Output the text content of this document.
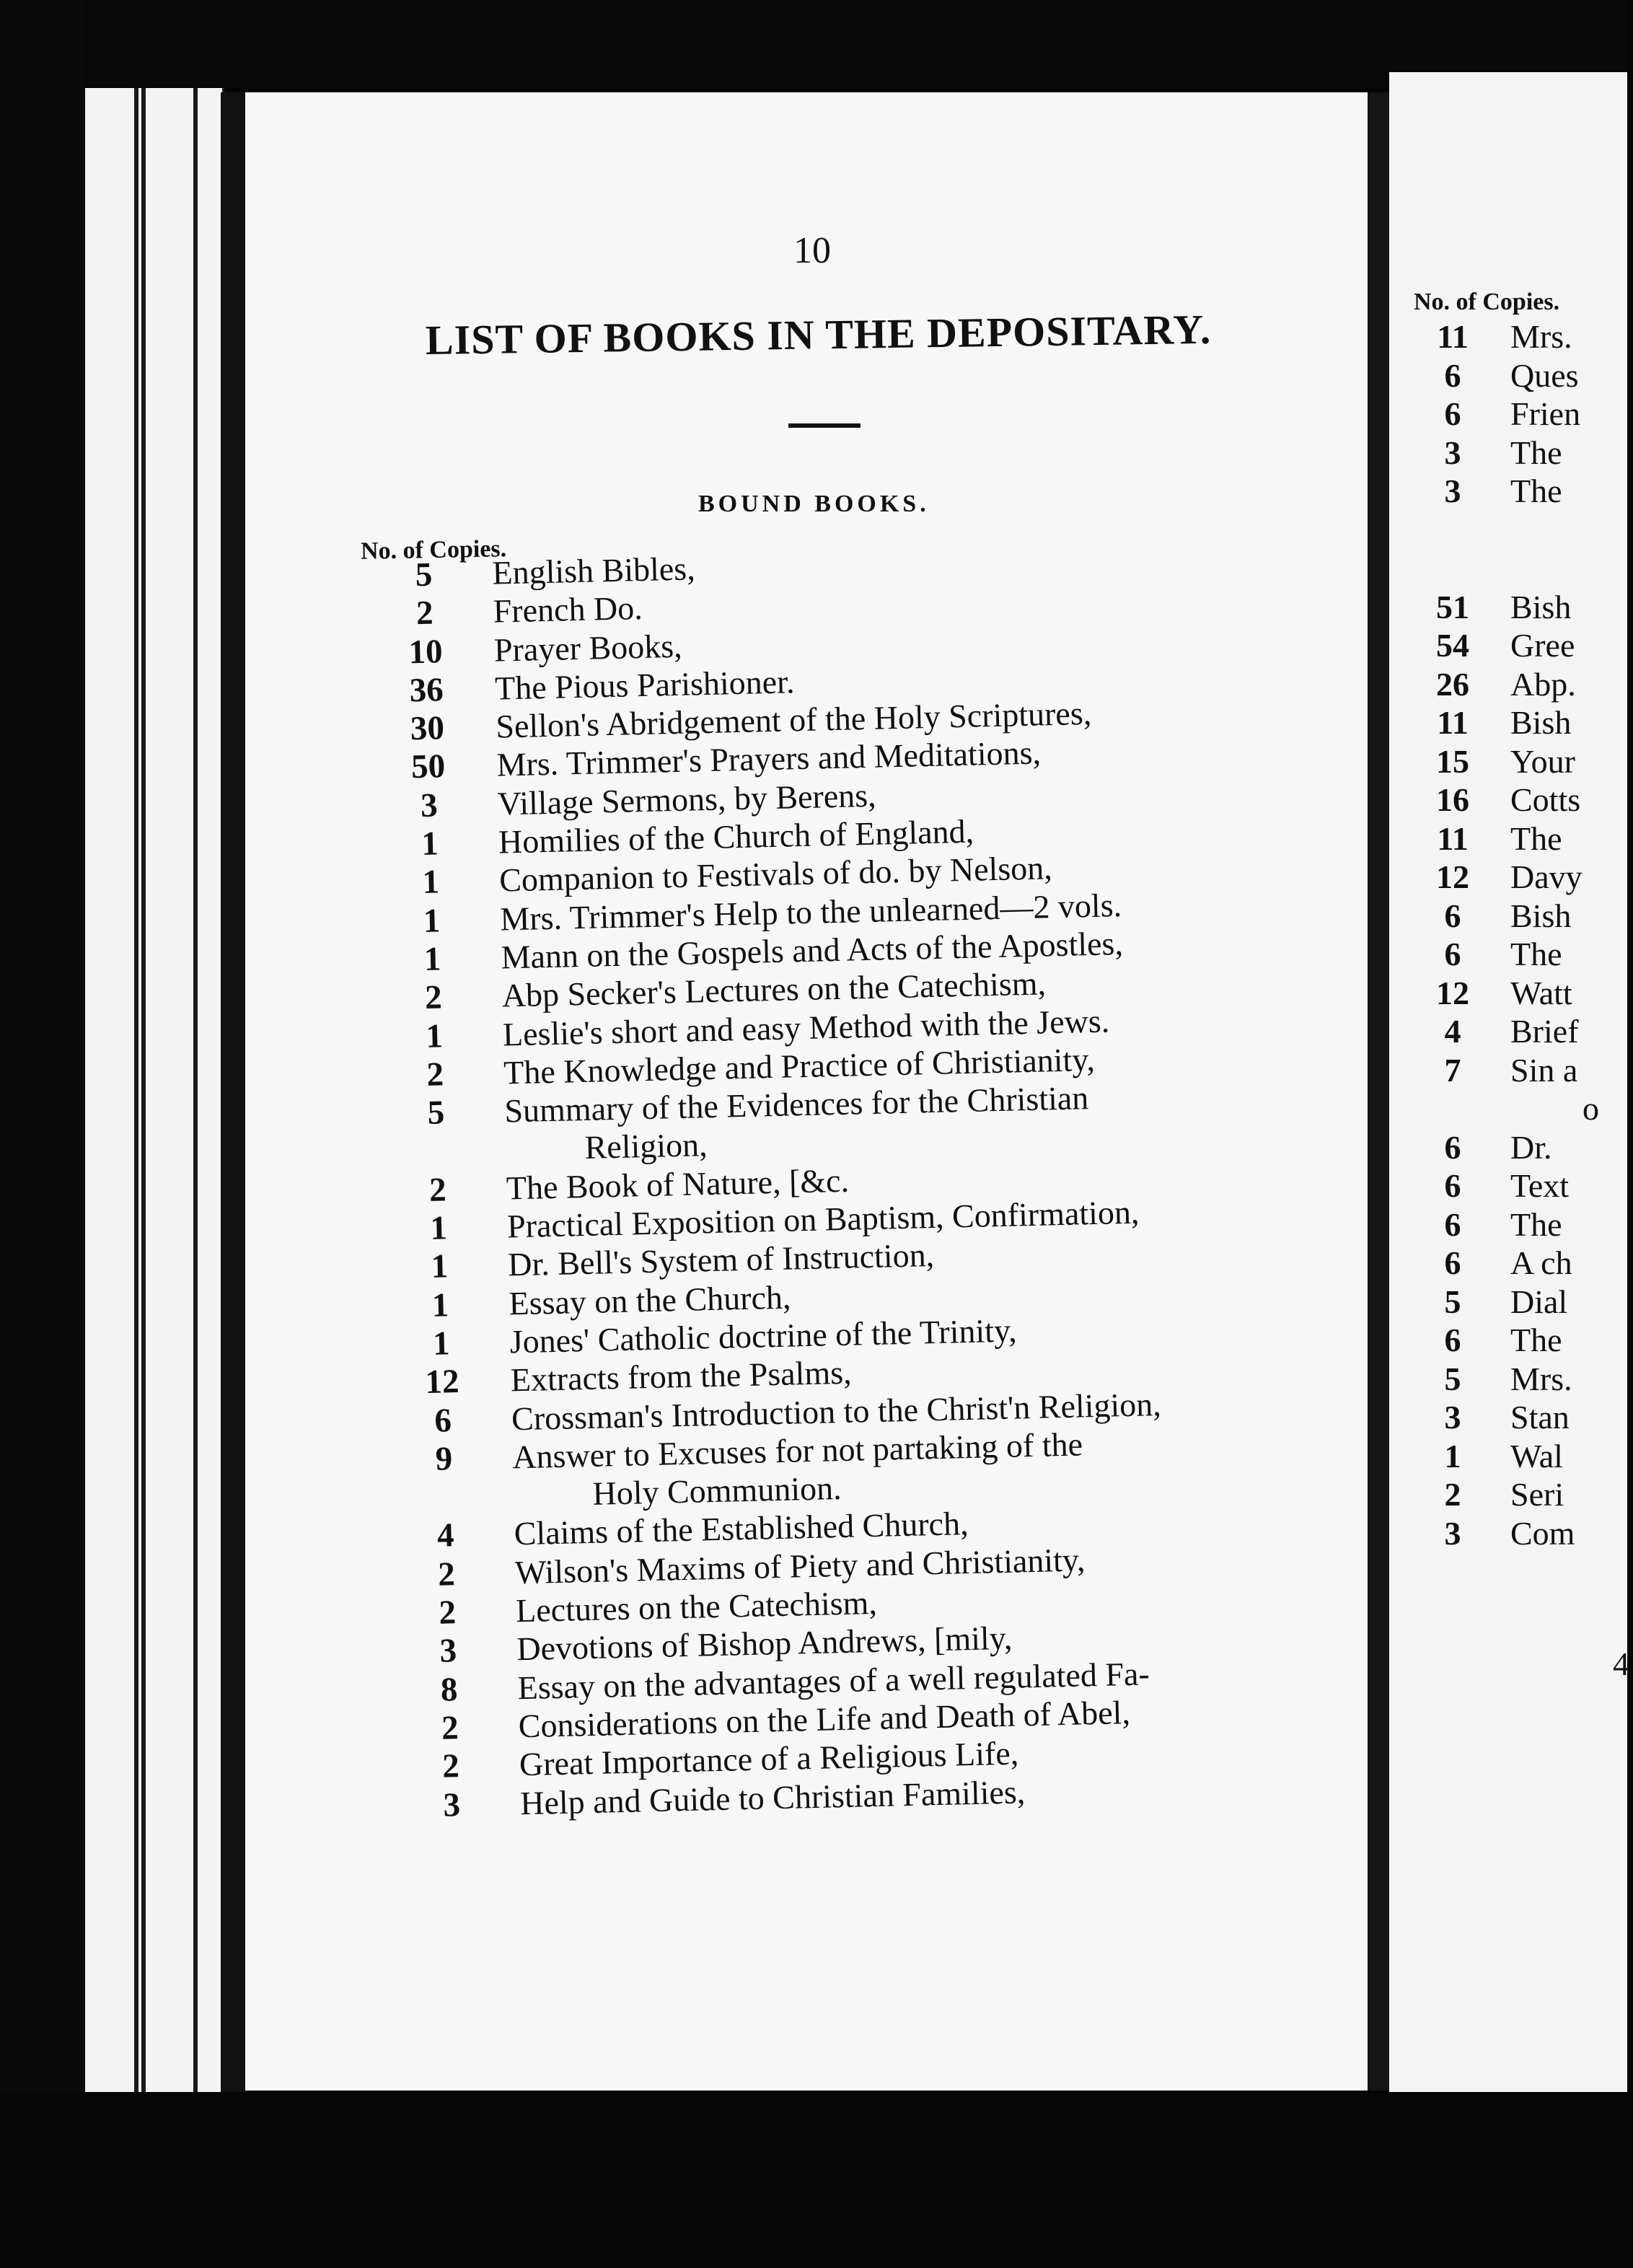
10
LIST OF BOOKS IN THE DEPOSITARY.
BOUND BOOKS.
No. of Copies.
5	English Bibles,
2	French Do.
10	Prayer Books,
36	The Pious Parishioner.
30	Sellon's Abridgement of the Holy Scriptures,
50	Mrs. Trimmer's Prayers and Meditations,
3	Village Sermons, by Berens,
1	Homilies of the Church of England,
1	Companion to Festivals of do. by Nelson,
1	Mrs. Trimmer's Help to the unlearned—2 vols.
1	Mann on the Gospels and Acts of the Apostles,
2	Abp Secker's Lectures on the Catechism,
1	Leslie's short and easy Method with the Jews.
2	The Knowledge and Practice of Christianity,
5	Summary of the Evidences for the Christian
Religion,
2	The Book of Nature, [&c.
1	Practical Exposition on Baptism, Confirmation,
1	Dr. Bell's System of Instruction,
1	Essay on the Church,
1	Jones' Catholic doctrine of the Trinity,
12	Extracts from the Psalms,
6	Crossman's Introduction to the Christ'n Religion,
9	Answer to Excuses for not partaking of the
Holy Communion.
4	Claims of the Established Church,
2	Wilson's Maxims of Piety and Christianity,
2	Lectures on the Catechism,
3	Devotions of Bishop Andrews, [mily,
8	Essay on the advantages of a well regulated Fa-
2	Considerations on the Life and Death of Abel,
2	Great Importance of a Religious Life,
3	Help and Guide to Christian Families,
No. of Copies.
11	Mrs.
6	Ques
6	Frien
3	The
3	The
51	Bish
54	Gree
26	Abp.
11	Bish
15	Your
16	Cotts
11	The
12	Davy
6	Bish
6	The
12	Watt
4	Brief
7	Sin a
o
6	Dr.
6	Text
6	The
6	A ch
5	Dial
6	The
5	Mrs.
3	Stan
1	Wal
2	Seri
3	Com
4
